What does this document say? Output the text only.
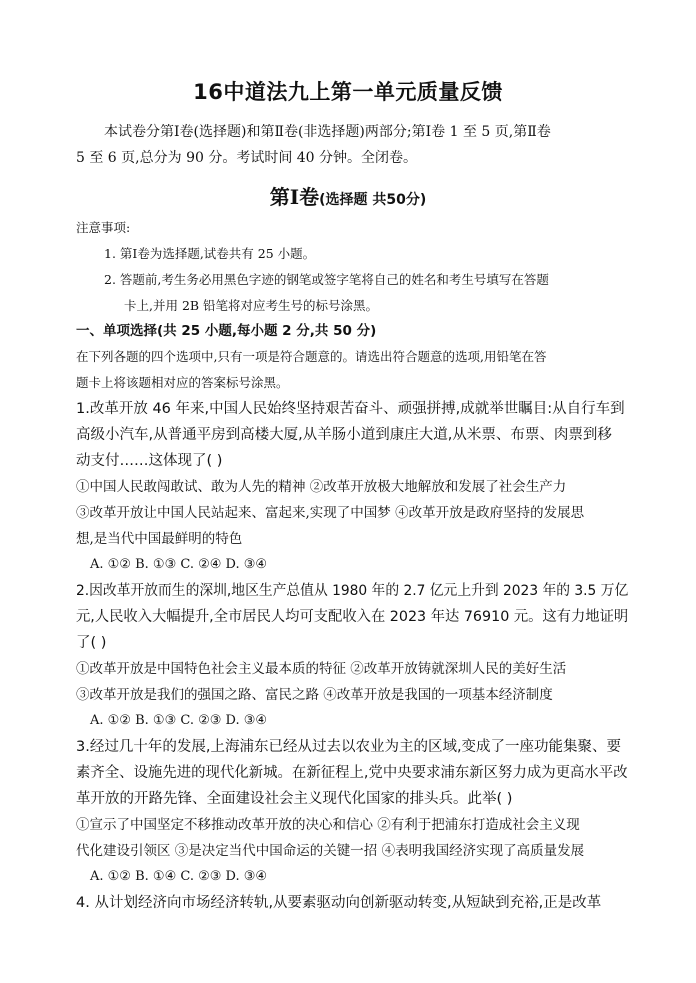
16中道法九上第一单元质量反馈
本试卷分第Ⅰ卷(选择题)和第Ⅱ卷(非选择题)两部分;第Ⅰ卷 1 至 5 页,第Ⅱ卷
5 至 6 页,总分为 90 分。考试时间 40 分钟。全闭卷。
第Ⅰ卷(选择题 共50分)
注意事项:
1. 第Ⅰ卷为选择题,试卷共有 25 小题。
2. 答题前,考生务必用黑色字迹的钢笔或签字笔将自己的姓名和考生号填写在答题
卡上,并用 2B 铅笔将对应考生号的标号涂黑。
一、单项选择(共 25 小题,每小题 2 分,共 50 分)
在下列各题的四个选项中,只有一项是符合题意的。请选出符合题意的选项,用铅笔在答
题卡上将该题相对应的答案标号涂黑。
1.改革开放 46 年来,中国人民始终坚持艰苦奋斗、顽强拼搏,成就举世瞩目:从自行车到
高级小汽车,从普通平房到高楼大厦,从羊肠小道到康庄大道,从米票、布票、肉票到移
动支付……这体现了( )
①中国人民敢闯敢试、敢为人先的精神 ②改革开放极大地解放和发展了社会生产力
③改革开放让中国人民站起来、富起来,实现了中国梦 ④改革开放是政府坚持的发展思
想,是当代中国最鲜明的特色
A. ①② B. ①③ C. ②④ D. ③④
2.因改革开放而生的深圳,地区生产总值从 1980 年的 2.7 亿元上升到 2023 年的 3.5 万亿
元,人民收入大幅提升,全市居民人均可支配收入在 2023 年达 76910 元。这有力地证明
了( )
①改革开放是中国特色社会主义最本质的特征 ②改革开放铸就深圳人民的美好生活
③改革开放是我们的强国之路、富民之路 ④改革开放是我国的一项基本经济制度
A. ①② B. ①③ C. ②③ D. ③④
3.经过几十年的发展,上海浦东已经从过去以农业为主的区域,变成了一座功能集聚、要
素齐全、设施先进的现代化新城。在新征程上,党中央要求浦东新区努力成为更高水平改
革开放的开路先锋、全面建设社会主义现代化国家的排头兵。此举( )
①宣示了中国坚定不移推动改革开放的决心和信心 ②有利于把浦东打造成社会主义现
代化建设引领区 ③是决定当代中国命运的关键一招 ④表明我国经济实现了高质量发展
A. ①② B. ①④ C. ②③ D. ③④
4. 从计划经济向市场经济转轨,从要素驱动向创新驱动转变,从短缺到充裕,正是改革
